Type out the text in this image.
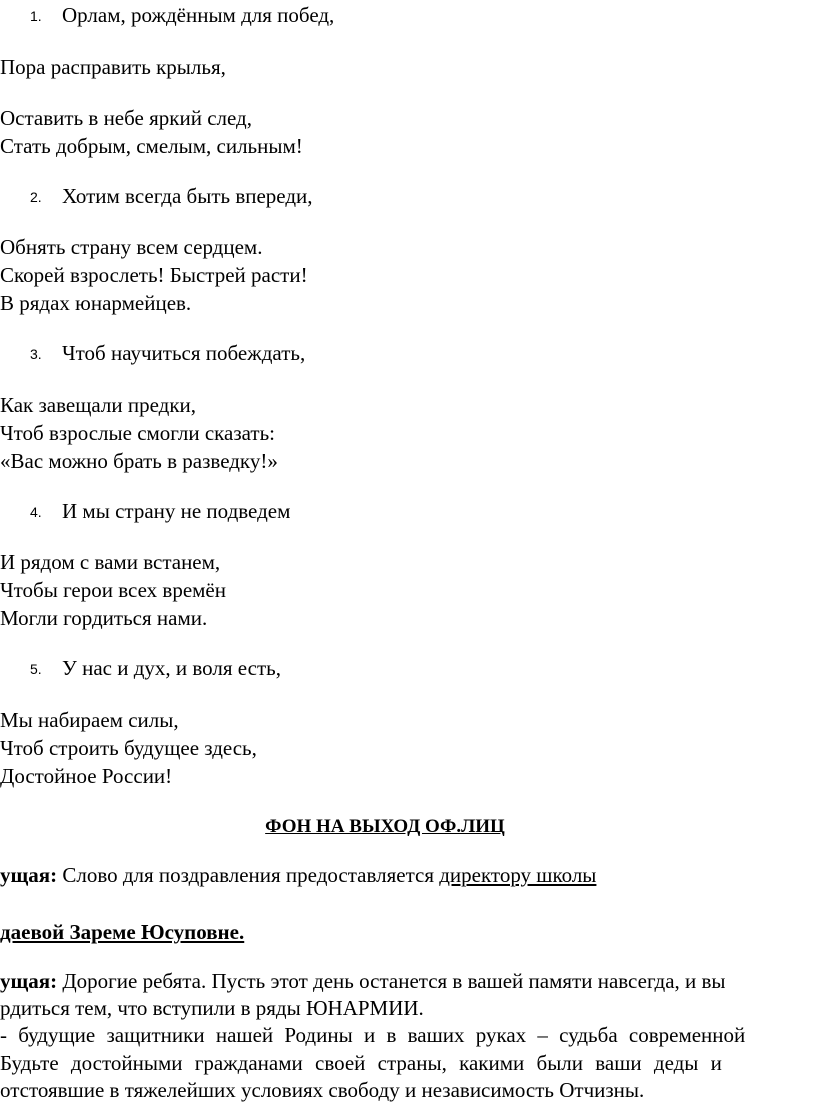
1. Орлам, рождённым для побед,

Пора расправить крылья,

Оставить в небе яркий след,

Стать добрым, смелым, сильным!

2. Хотим всегда быть впереди,

Обнять страну всем сердцем.

Скорей взрослеть! Быстрей расти!

В рядах юнармейцев.

3. Чтоб научиться побеждать,

Как завещали предки,

Чтоб взрослые смогли сказать:

«Вас можно брать в разведку!»

4. И мы страну не подведем

И рядом с вами встанем,

Чтобы герои всех времён

Могли гордиться нами.

5. У нас и дух, и воля есть,

Мы набираем силы,

Чтоб строить будущее здесь,

Достойное России!

ФОН НА ВЫХОД ОФ.ЛИЦ

ущая: Слово для поздравления предоставляется директору школы

даевой Зареме Юсуповне.

ущая: Дорогие ребята. Пусть этот день останется в вашей памяти навсегда, и вы

рдиться тем, что вступили в ряды ЮНАРМИИ.

- будущие защитники нашей Родины и в ваших руках – судьба современной

Будьте достойными гражданами своей страны, какими были ваши деды и

отстоявшие в тяжелейших условиях свободу и независимость Отчизны.
